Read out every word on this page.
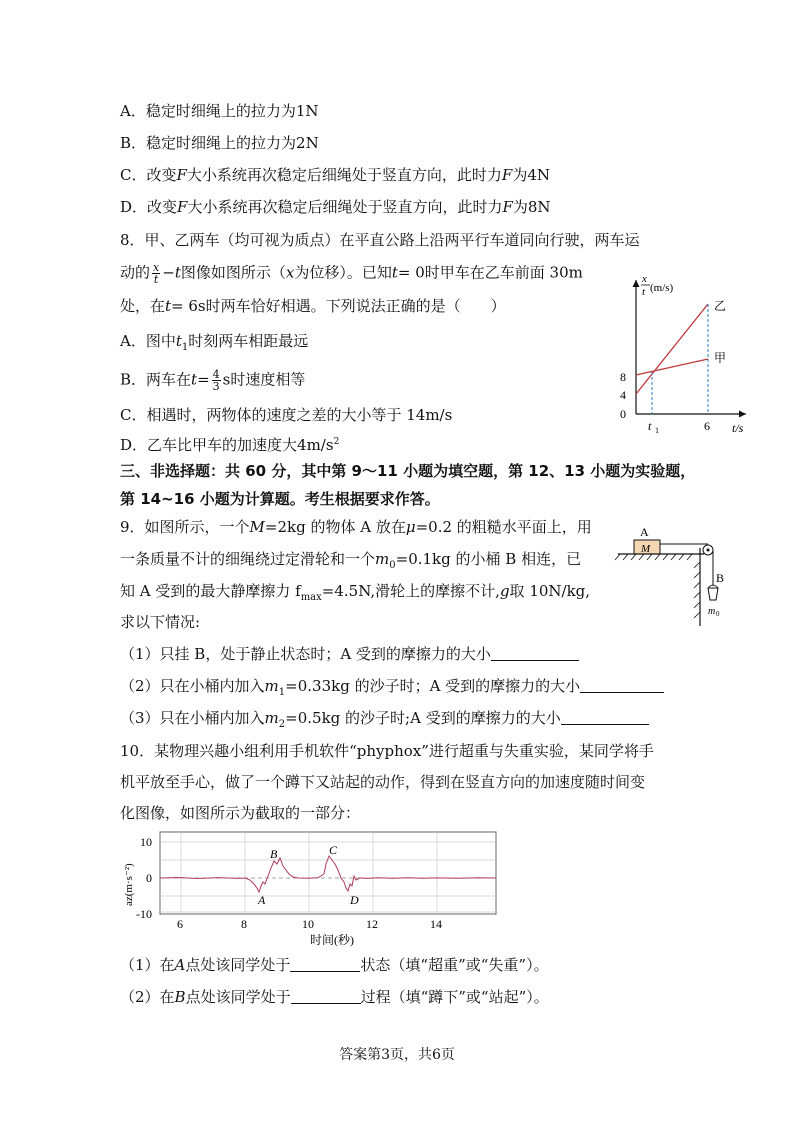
A．稳定时细绳上的拉力为1N
B．稳定时细绳上的拉力为2N
C．改变F大小系统再次稳定后细绳处于竖直方向，此时力F为4N
D．改变F大小系统再次稳定后细绳处于竖直方向，此时力F为8N
8．甲、乙两车（均可视为质点）在平直公路上沿两平行车道同向行驶，两车运
动的 $\frac{x}{t} -t$图像如图所示（x为位移）。已知t= 0时甲车在乙车前面 30m
处，在t= 6s时两车恰好相遇。下列说法正确的是（　　）
A．图中$t_1$时刻两车相距最远
B．两车在$t= \frac{4}{3}$ s时速度相等
C．相遇时，两物体的速度之差的大小等于 14m/s
D．乙车比甲车的加速度大$4m/s^2$
x
t (m/s)
t/s
8
4
0
t 1	6
乙
甲
三、非选择题：共 60 分，其中第 9～11 小题为填空题，第 12、13 小题为实验题，
第 14~16 小题为计算题。考生根据要求作答。
9．如图所示，一个M=2kg 的物体 A 放在μ=0.2 的粗糙水平面上，用
一条质量不计的细绳绕过定滑轮和一个$m_0=0.1kg$ 的小桶 B 相连，已
知 A 受到的最大静摩擦力 $f_{max}=4.5N$,滑轮上的摩擦不计,g取 10N/kg,
求以下情况:
（1）只挂 B，处于静止状态时；A 受到的摩擦力的大小
（2）只在小桶内加入$m_1=0.33kg$ 的沙子时；A 受到的摩擦力的大小
（3）只在小桶内加入$m_2=0.5kg$ 的沙子时;A 受到的摩擦力的大小
A
M
B
m 0
10．某物理兴趣小组利用手机软件“phyphox”进行超重与失重实验，某同学将手
机平放至手心，做了一个蹲下又站起的动作，得到在竖直方向的加速度随时间变
化图像，如图所示为截取的一部分：
B
A
C
D
10
0
-10
6	8	10	12	14
时间(秒)
az(m·s⁻²)
（1）在A点处该同学处于	状态（填“超重”或“失重”）。
（2）在B点处该同学处于	过程（填“蹲下”或“站起”）。
答案第3页，共6页
